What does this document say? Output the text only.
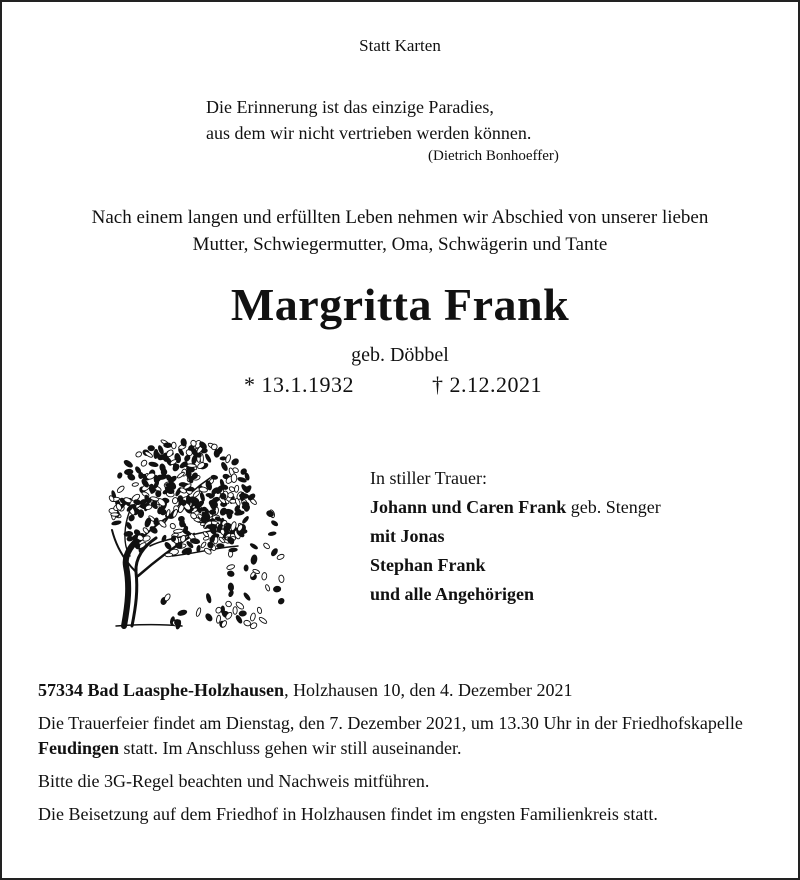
Statt Karten
Die Erinnerung ist das einzige Paradies,
aus dem wir nicht vertrieben werden können.
(Dietrich Bonhoeffer)
Nach einem langen und erfüllten Leben nehmen wir Abschied von unserer lieben
Mutter, Schwiegermutter, Oma, Schwägerin und Tante
Margritta Frank
geb. Döbbel
* 13.1.1932	† 2.12.2021
In stiller Trauer:
Johann und Caren Frank geb. Stenger
mit Jonas
Stephan Frank
und alle Angehörigen

57334 Bad Laasphe-Holzhausen, Holzhausen 10, den 4. Dezember 2021

Die Trauerfeier findet am Dienstag, den 7. Dezember 2021, um 13.30 Uhr in der Friedhofskapelle Feudingen statt. Im Anschluss gehen wir still auseinander.

Bitte die 3G-Regel beachten und Nachweis mitführen.

Die Beisetzung auf dem Friedhof in Holzhausen findet im engsten Familienkreis statt.
